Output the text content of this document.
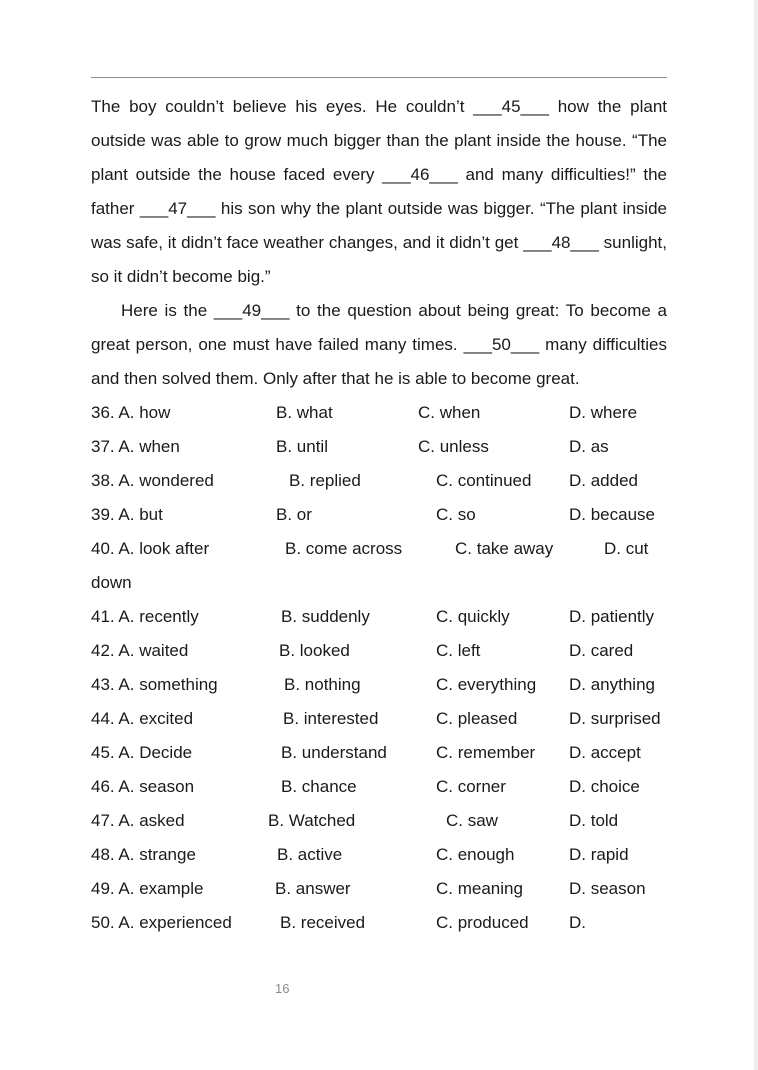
The boy couldn’t believe his eyes. He couldn’t ___45___ how the plant outside was able to grow much bigger than the plant inside the house. “The plant outside the house faced every ___46___ and many difficulties!” the father ___47___ his son why the plant outside was bigger. “The plant inside was safe, it didn’t face weather changes, and it didn’t get ___48___ sunlight, so it didn’t become big.”

Here is the ___49___ to the question about being great: To become a great person, one must have failed many times. ___50___ many difficulties and then solved them. Only after that he is able to become great.

36. A. how	B. what	C. when	D. where
37. A. when	B. until	C. unless	D. as
38. A. wondered	B. replied	C. continued D. added
39. A. but	B. or	C. so	D. because
40. A. look after	B. come across	C. take away	D. cut
down
41. A. recently	B. suddenly	C. quickly	D. patiently
42. A. waited	B. looked	C. left	D. cared
43. A. something	B. nothing	C. everything D. anything
44. A. excited	B. interested	C. pleased	D. surprised
45. A. Decide	B. understand	C. remember D. accept
46. A. season	B. chance	C. corner	D. choice
47. A. asked	B. Watched	C. saw	D. told
48. A. strange	B. active	C. enough	D. rapid
49. A. example	B. answer	C. meaning	D. season
50. A. experienced	B. received	C. produced D.
16
